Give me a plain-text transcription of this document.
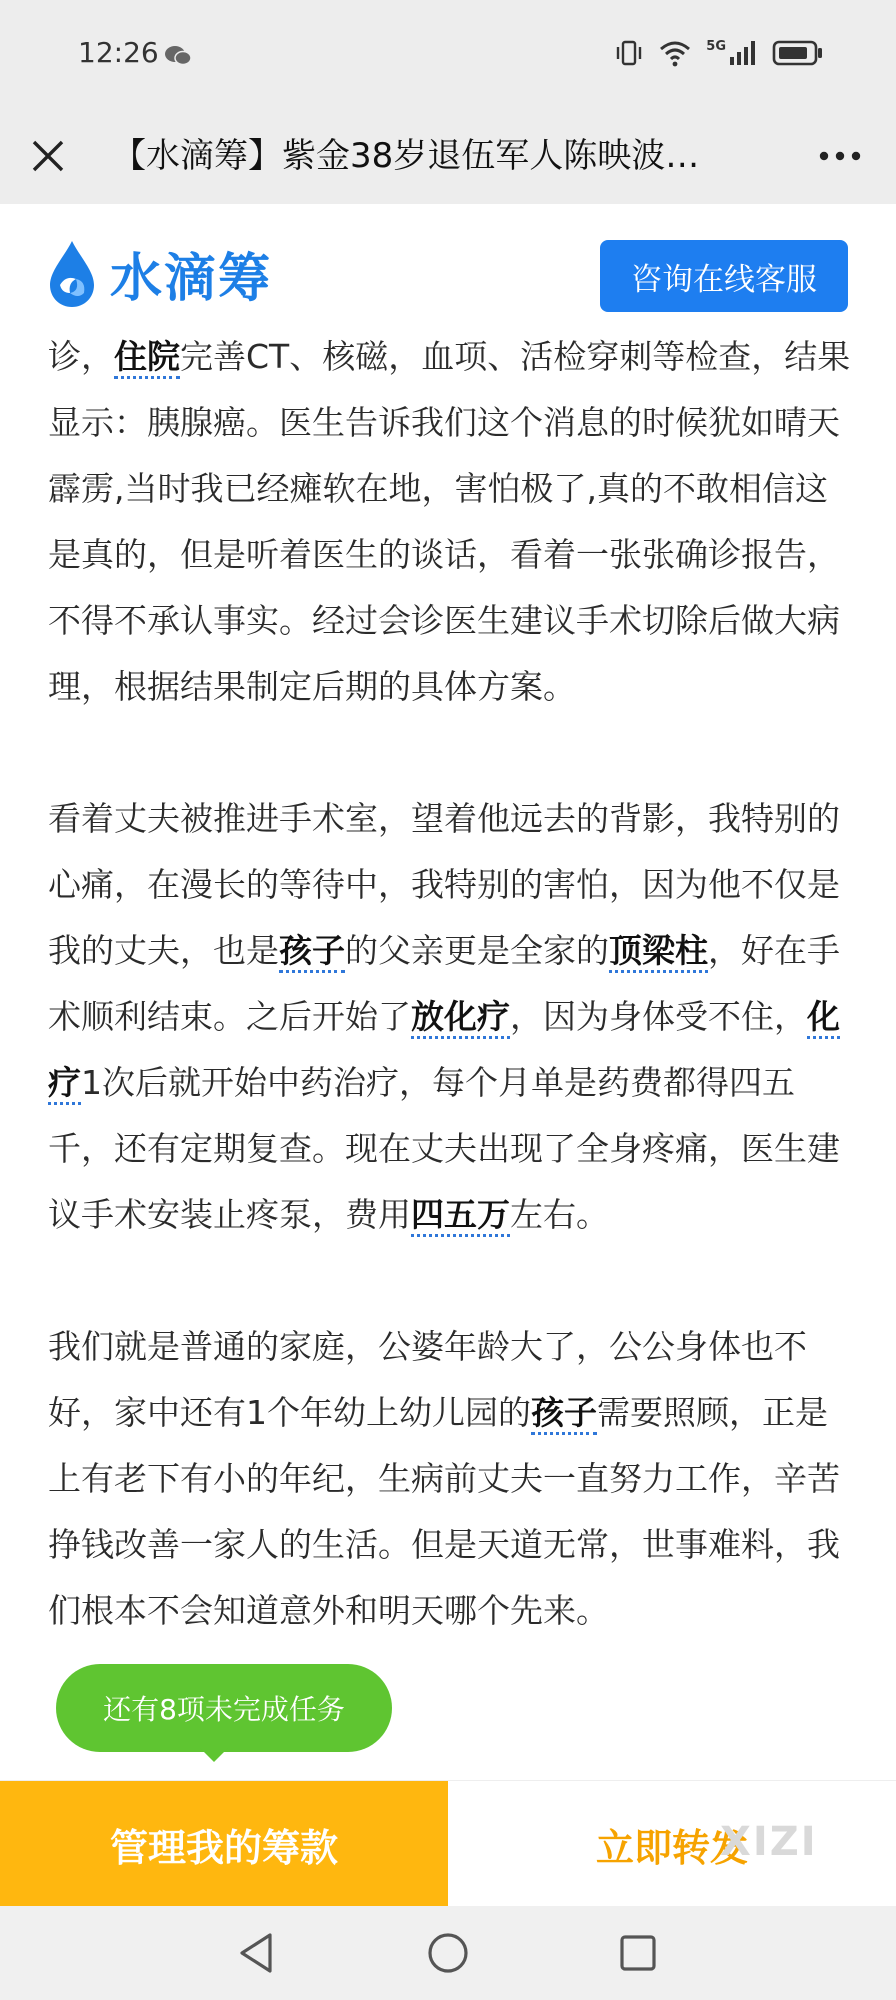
12:26	5G
【水滴筹】紫金38岁退伍军人陈映波…
水滴筹	咨询在线客服

诊，住院完善CT、核磁，血项、活检穿刺等检查，结果显示：胰腺癌。医生告诉我们这个消息的时候犹如晴天霹雳,当时我已经瘫软在地，害怕极了,真的不敢相信这是真的，但是听着医生的谈话，看着一张张确诊报告，不得不承认事实。经过会诊医生建议手术切除后做大病理，根据结果制定后期的具体方案。

看着丈夫被推进手术室，望着他远去的背影，我特别的心痛，在漫长的等待中，我特别的害怕，因为他不仅是我的丈夫，也是孩子的父亲更是全家的顶梁柱，好在手术顺利结束。之后开始了放化疗，因为身体受不住，化疗1次后就开始中药治疗，每个月单是药费都得四五千，还有定期复查。现在丈夫出现了全身疼痛，医生建议手术安装止疼泵，费用四五万左右。

我们就是普通的家庭，公婆年龄大了，公公身体也不好，家中还有1个年幼上幼儿园的孩子需要照顾，正是上有老下有小的年纪，生病前丈夫一直努力工作，辛苦挣钱改善一家人的生活。但是天道无常，世事难料，我们根本不会知道意外和明天哪个先来。

还有8项未完成任务
管理我的筹款	立即转发
XIZI
